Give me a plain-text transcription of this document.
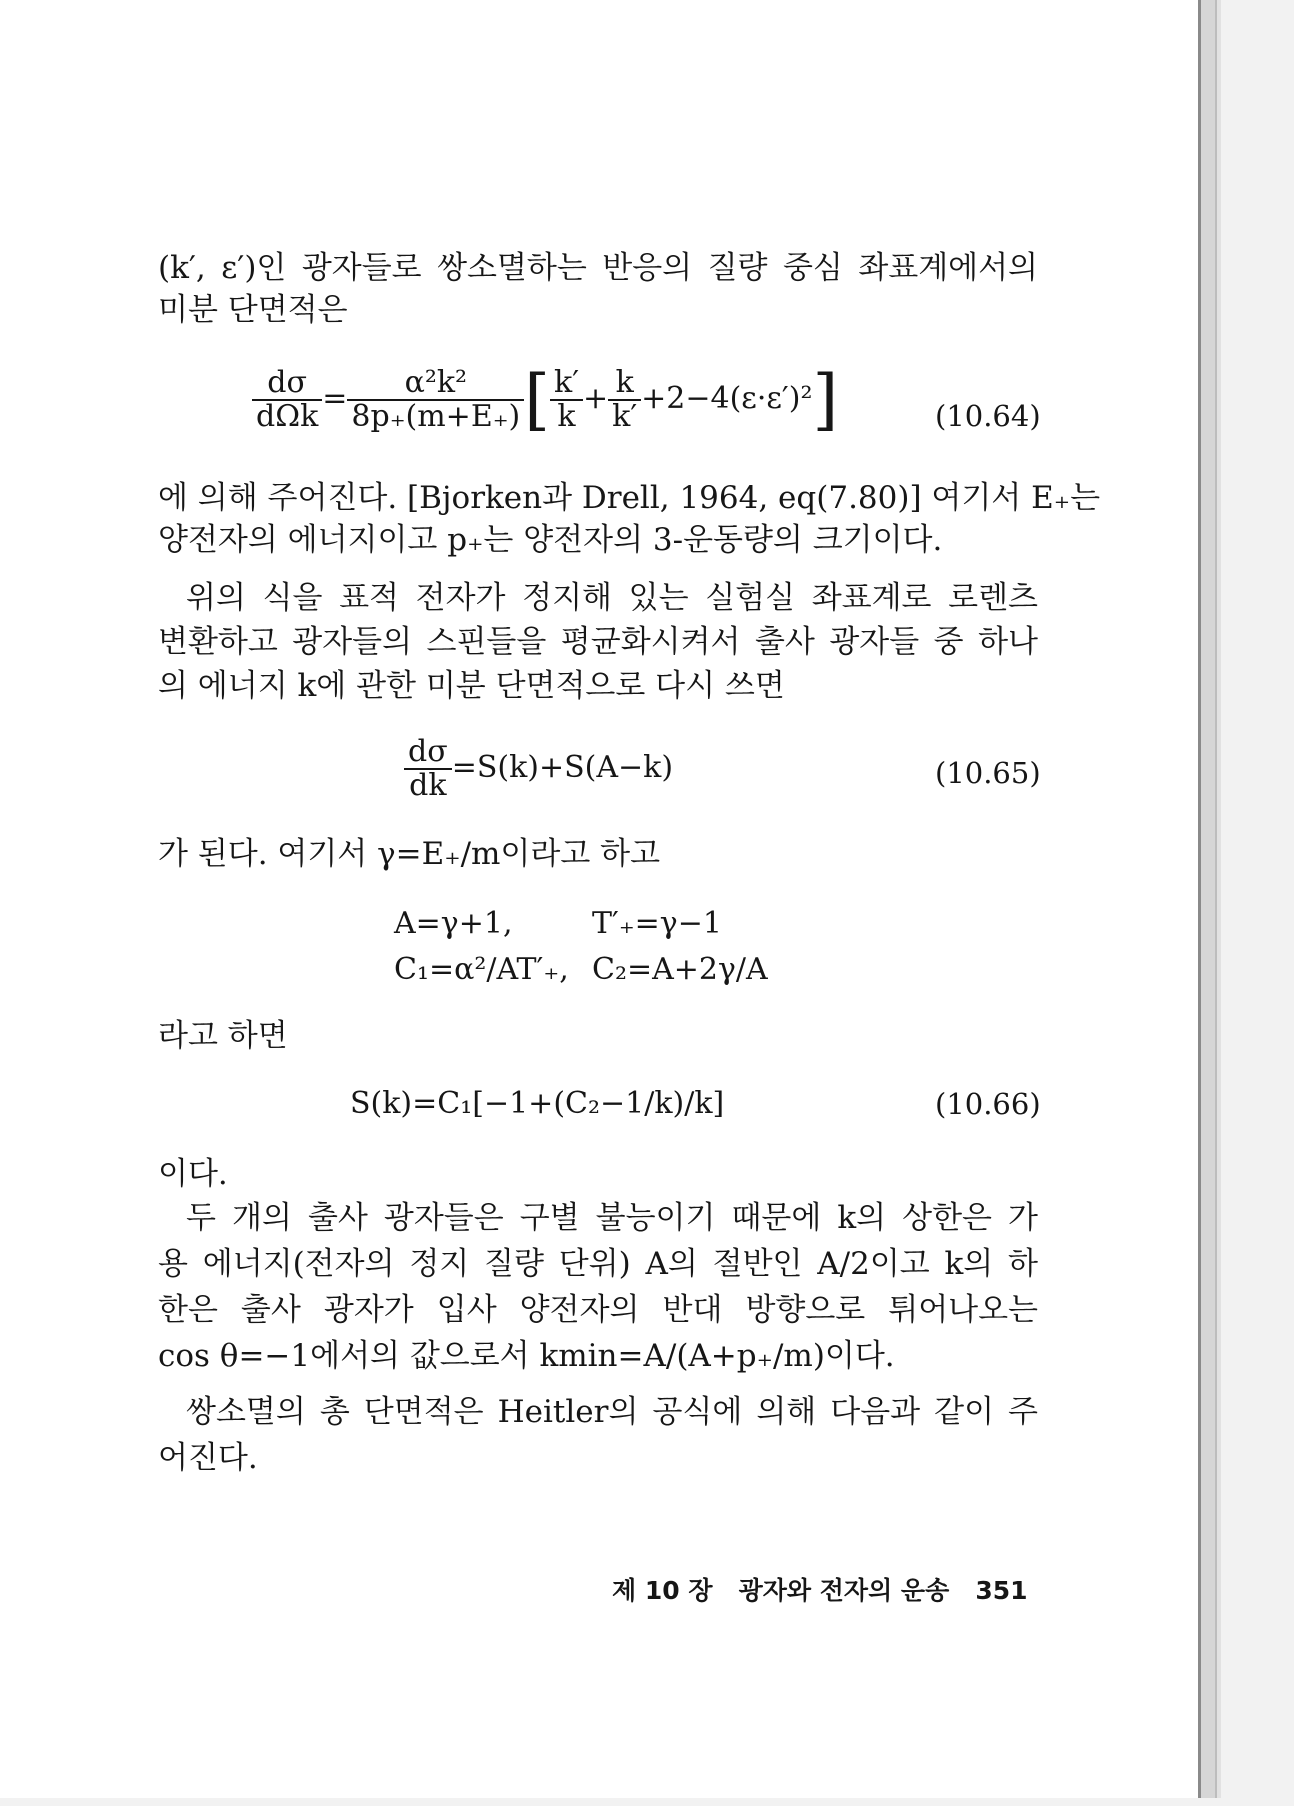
(k′, ε′)인 광자들로 쌍소멸하는 반응의 질량 중심 좌표계에서의
미분 단면적은
$\frac{d\sigma}{\text{dΩk}} = \frac{\text{α²k²}}{8p_+(m+E_+)}$ [ $\frac{k'}{k} + \frac{k}{k'} +2-4(\varepsilon\cdot\varepsilon')^2$]	(10.64)
에 의해 주어진다. [Bjorken과 Drell, 1964, eq(7.80)] 여기서 E₊는
양전자의 에너지이고 p₊는 양전자의 3-운동량의 크기이다.
위의 식을 표적 전자가 정지해 있는 실험실 좌표계로 로렌츠
변환하고 광자들의 스핀들을 평균화시켜서 출사 광자들 중 하나
의 에너지 k에 관한 미분 단면적으로 다시 쓰면
$\frac{d\sigma}{dk} =S(k)+S(A-k)$	(10.65)
가 된다. 여기서 γ=E₊/m이라고 하고
A=γ+1,	T′₊=γ−1
C₁=α²/AT′₊, C₂=A+2γ/A
라고 하면
S(k)=C₁[−1+(C₂−1/k)/k]	(10.66)
이다.
두 개의 출사 광자들은 구별 불능이기 때문에 k의 상한은 가
용 에너지(전자의 정지 질량 단위) A의 절반인 A/2이고 k의 하
한은 출사 광자가 입사 양전자의 반대 방향으로 튀어나오는
cos θ=−1에서의 값으로서 kmin=A/(A+p₊/m)이다.
쌍소멸의 총 단면적은 Heitler의 공식에 의해 다음과 같이 주
어진다.
제 10 장 광자와 전자의 운송 351
